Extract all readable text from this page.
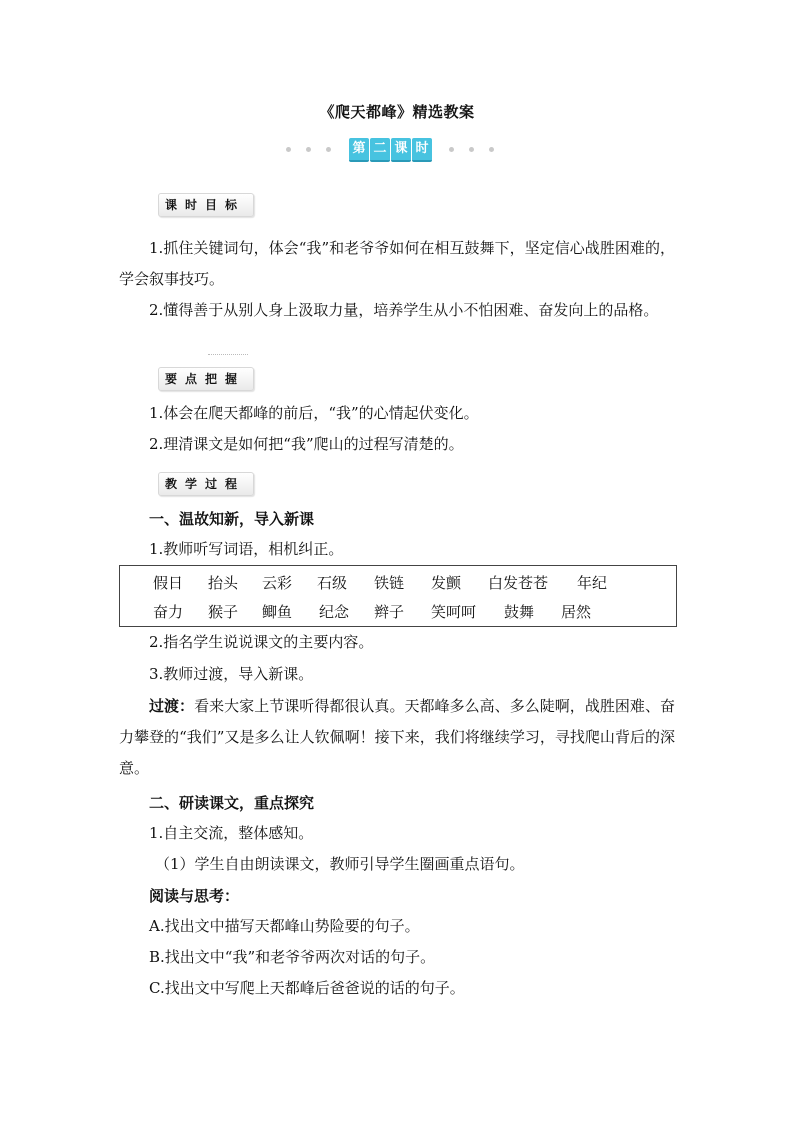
《爬天都峰》精选教案
第 二 课 时
课时目标
1.抓住关键词句，体会“我”和老爷爷如何在相互鼓舞下，坚定信心战胜困难的，学会叙事技巧。
2.懂得善于从别人身上汲取力量，培养学生从小不怕困难、奋发向上的品格。
要点把握
1.体会在爬天都峰的前后，“我”的心情起伏变化。
2.理清课文是如何把“我”爬山的过程写清楚的。
教学过程
一、温故知新，导入新课
1.教师听写词语，相机纠正。
假日 抬头 云彩 石级 铁链 发颤 白发苍苍 年纪
奋力 猴子 鲫鱼 纪念 辫子 笑呵呵 鼓舞 居然
2.指名学生说说课文的主要内容。
3.教师过渡，导入新课。
过渡：看来大家上节课听得都很认真。天都峰多么高、多么陡啊，战胜困难、奋力攀登的“我们”又是多么让人钦佩啊！接下来，我们将继续学习，寻找爬山背后的深意。
二、研读课文，重点探究
1.自主交流，整体感知。
（1）学生自由朗读课文，教师引导学生圈画重点语句。
阅读与思考：
A.找出文中描写天都峰山势险要的句子。
B.找出文中“我”和老爷爷两次对话的句子。
C.找出文中写爬上天都峰后爸爸说的话的句子。
